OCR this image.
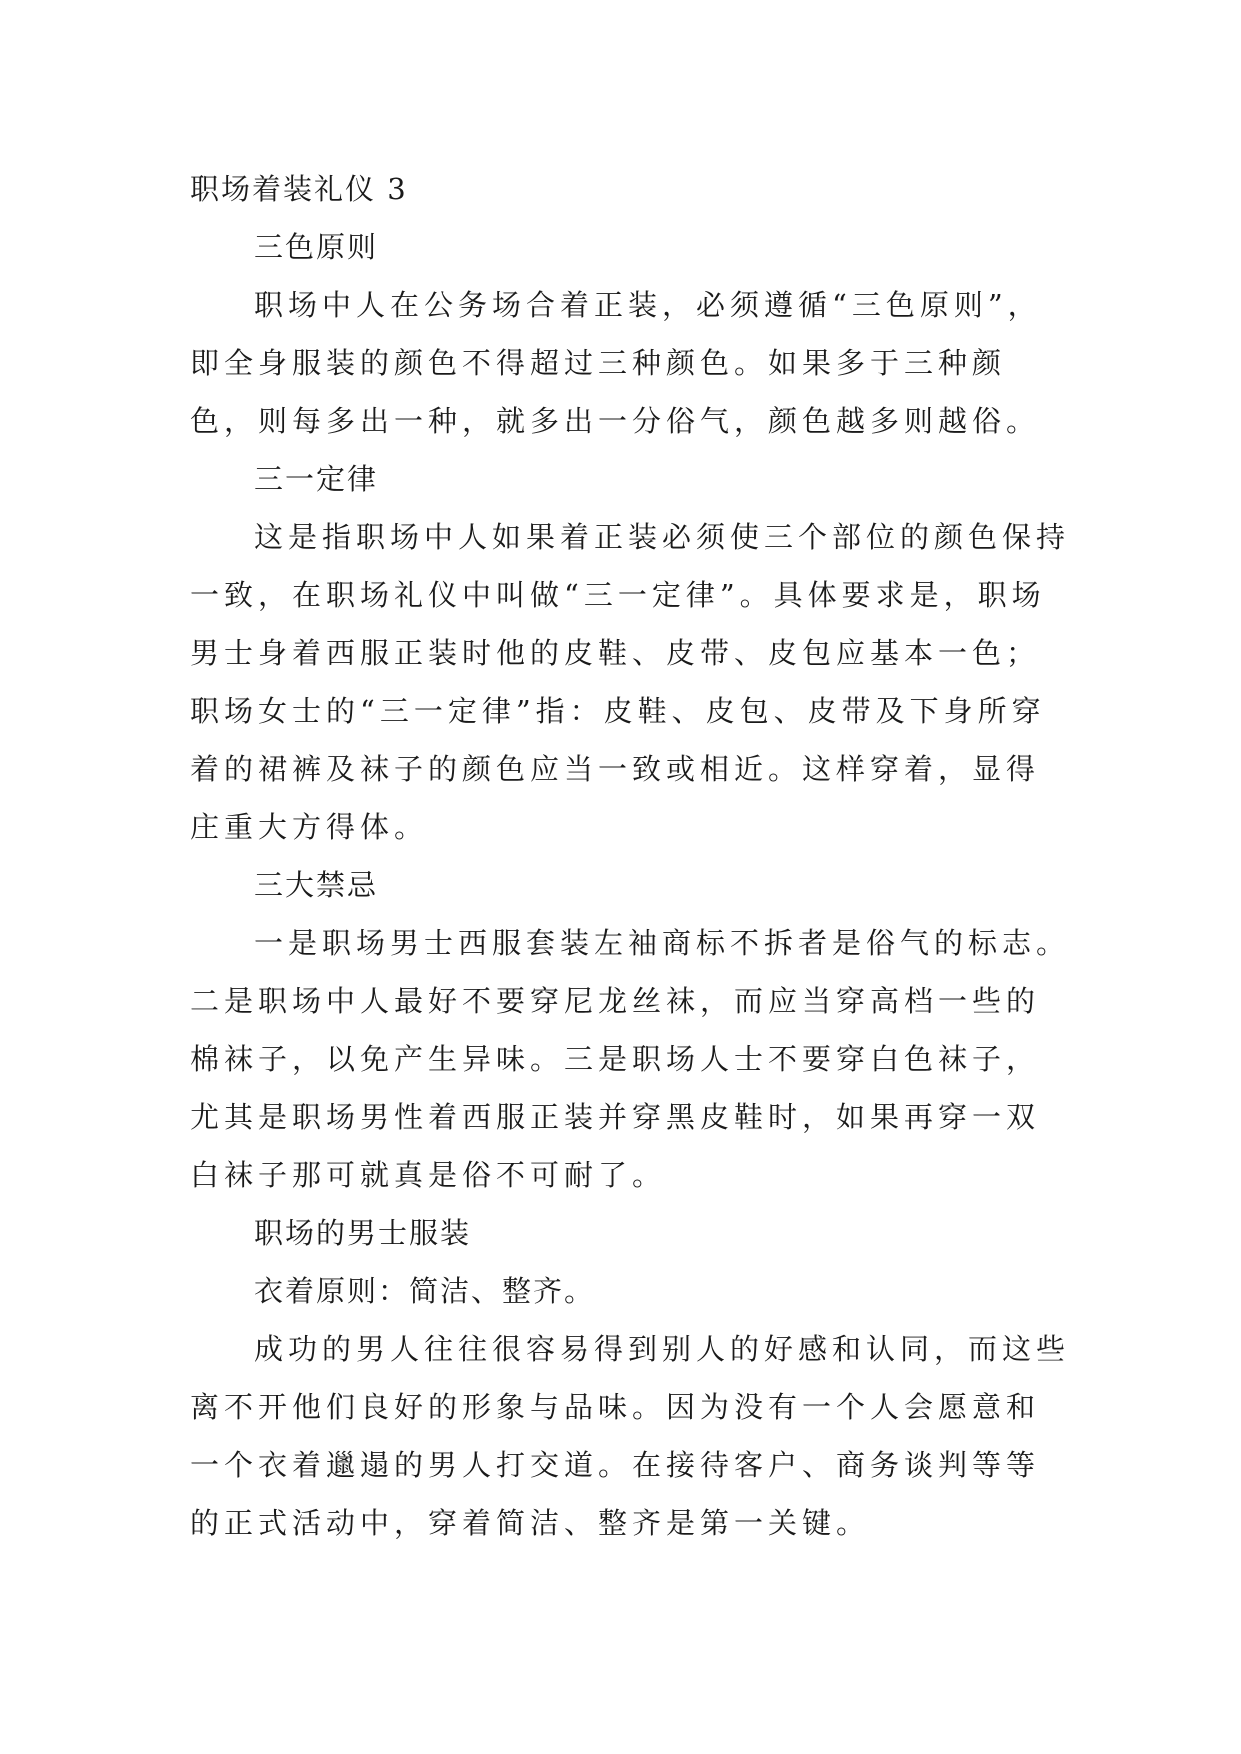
职场着装礼仪 3

三色原则

职场中人在公务场合着正装，必须遵循“三色原则”，即全身服装的颜色不得超过三种颜色。如果多于三种颜色，则每多出一种，就多出一分俗气，颜色越多则越俗。

三一定律

这是指职场中人如果着正装必须使三个部位的颜色保持一致，在职场礼仪中叫做“三一定律”。具体要求是，职场男士身着西服正装时他的皮鞋、皮带、皮包应基本一色；职场女士的“三一定律”指：皮鞋、皮包、皮带及下身所穿着的裙裤及袜子的颜色应当一致或相近。这样穿着，显得庄重大方得体。

三大禁忌

一是职场男士西服套装左袖商标不拆者是俗气的标志。二是职场中人最好不要穿尼龙丝袜，而应当穿高档一些的棉袜子，以免产生异味。三是职场人士不要穿白色袜子，尤其是职场男性着西服正装并穿黑皮鞋时，如果再穿一双白袜子那可就真是俗不可耐了。

职场的男士服装

衣着原则：简洁、整齐。

成功的男人往往很容易得到别人的好感和认同，而这些离不开他们良好的形象与品味。因为没有一个人会愿意和一个衣着邋遢的男人打交道。在接待客户、商务谈判等等的正式活动中，穿着简洁、整齐是第一关键。
